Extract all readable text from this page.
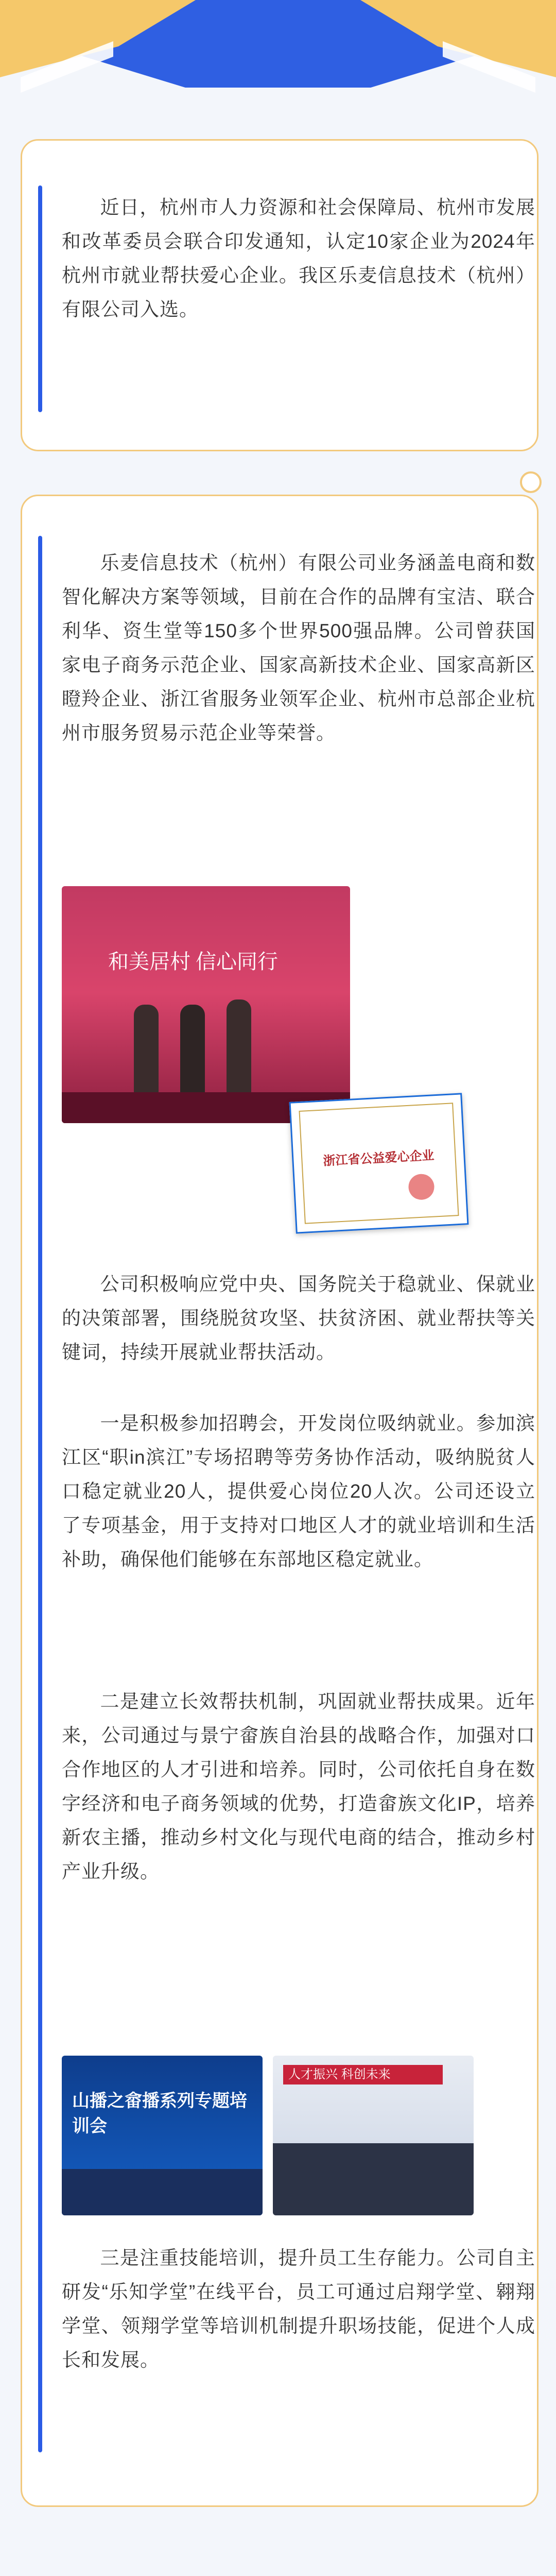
近日，杭州市人力资源和社会保障局、杭州市发展和改革委员会联合印发通知，认定10家企业为2024年杭州市就业帮扶爱心企业。我区乐麦信息技术（杭州）有限公司入选。
乐麦信息技术（杭州）有限公司业务涵盖电商和数智化解决方案等领域，目前在合作的品牌有宝洁、联合利华、资生堂等150多个世界500强品牌。公司曾获国家电子商务示范企业、国家高新技术企业、国家高新区瞪羚企业、浙江省服务业领军企业、杭州市总部企业杭州市服务贸易示范企业等荣誉。
和美居村 信心同行
浙江省公益爱心企业
公司积极响应党中央、国务院关于稳就业、保就业的决策部署，围绕脱贫攻坚、扶贫济困、就业帮扶等关键词，持续开展就业帮扶活动。
一是积极参加招聘会，开发岗位吸纳就业。参加滨江区“职in滨江”专场招聘等劳务协作活动，吸纳脱贫人口稳定就业20人，提供爱心岗位20人次。公司还设立了专项基金，用于支持对口地区人才的就业培训和生活补助，确保他们能够在东部地区稳定就业。
二是建立长效帮扶机制，巩固就业帮扶成果。近年来，公司通过与景宁畲族自治县的战略合作，加强对口合作地区的人才引进和培养。同时，公司依托自身在数字经济和电子商务领域的优势，打造畲族文化IP，培养新农主播，推动乡村文化与现代电商的结合，推动乡村产业升级。
山播之畲播系列专题培训会
人才振兴 科创未来
三是注重技能培训，提升员工生存能力。公司自主研发“乐知学堂”在线平台，员工可通过启翔学堂、翱翔学堂、领翔学堂等培训机制提升职场技能，促进个人成长和发展。
